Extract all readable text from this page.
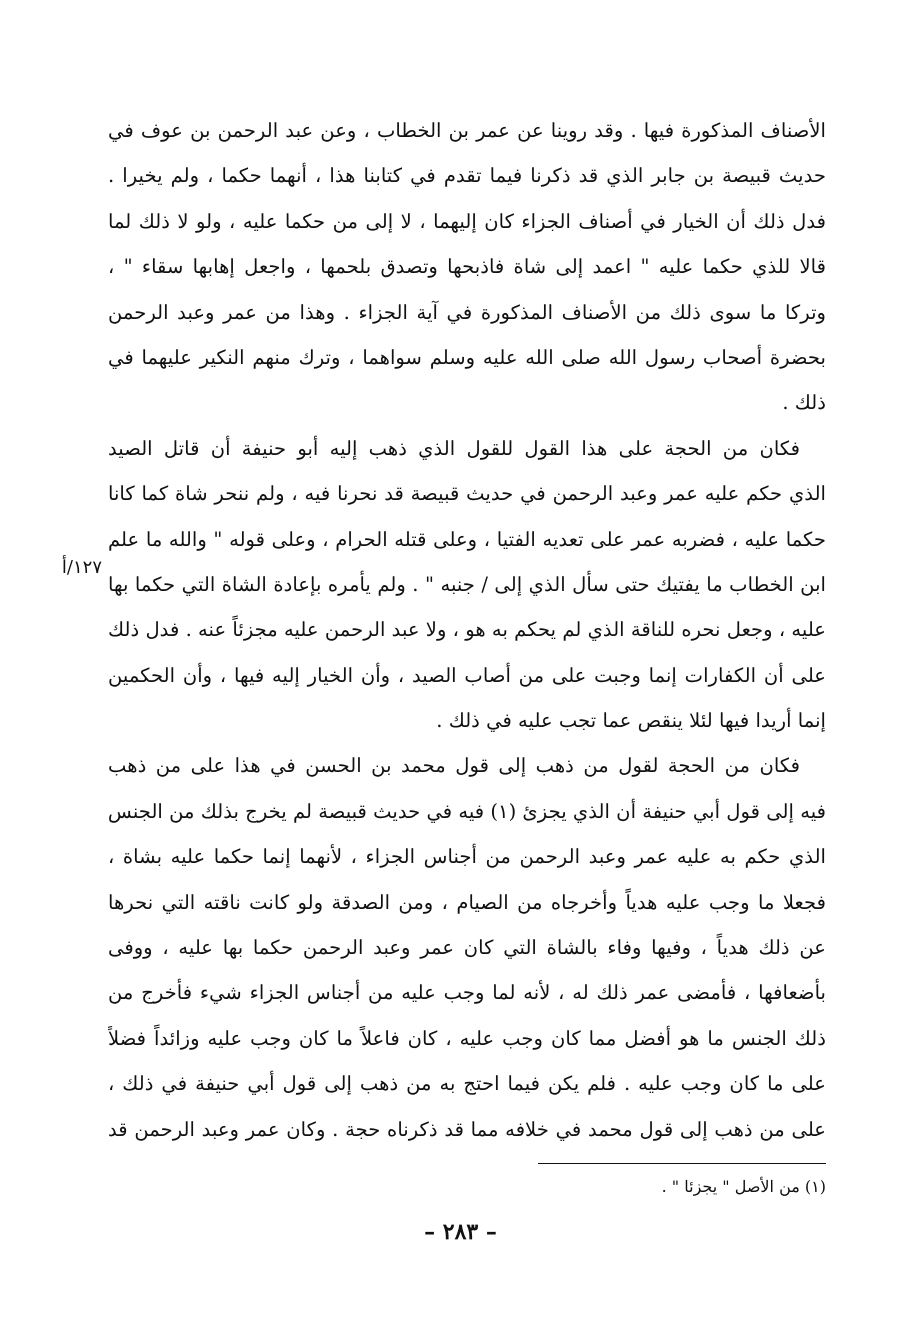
١٢٧/أ
الأصناف المذكورة فيها . وقد روينا عن عمر بن الخطاب ، وعن عبد الرحمن بن عوف في
حديث قبيصة بن جابر الذي قد ذكرنا فيما تقدم في كتابنا هذا ، أنهما حكما ، ولم يخيرا .
فدل ذلك أن الخيار في أصناف الجزاء كان إليهما ، لا إلى من حكما عليه ، ولو لا ذلك لما
قالا للذي حكما عليه " اعمد إلى شاة فاذبحها وتصدق بلحمها ، واجعل إهابها سقاء " ،
وتركا ما سوى ذلك من الأصناف المذكورة في آية الجزاء . وهذا من عمر وعبد الرحمن
بحضرة أصحاب رسول الله صلى الله عليه وسلم سواهما ، وترك منهم النكير عليهما في
ذلك .
فكان من الحجة على هذا القول للقول الذي ذهب إليه أبو حنيفة أن قاتل الصيد
الذي حكم عليه عمر وعبد الرحمن في حديث قبيصة قد نحرنا فيه ، ولم ننحر شاة كما كانا
حكما عليه ، فضربه عمر على تعديه الفتيا ، وعلى قتله الحرام ، وعلى قوله " والله ما علم
ابن الخطاب ما يفتيك حتى سأل الذي إلى / جنبه " . ولم يأمره بإعادة الشاة التي حكما بها
عليه ، وجعل نحره للناقة الذي لم يحكم به هو ، ولا عبد الرحمن عليه مجزئاً عنه . فدل ذلك
على أن الكفارات إنما وجبت على من أصاب الصيد ، وأن الخيار إليه فيها ، وأن الحكمين
إنما أريدا فيها لئلا ينقص عما تجب عليه في ذلك .
فكان من الحجة لقول من ذهب إلى قول محمد بن الحسن في هذا على من ذهب
فيه إلى قول أبي حنيفة أن الذي يجزئ (١) فيه في حديث قبيصة لم يخرج بذلك من الجنس
الذي حكم به عليه عمر وعبد الرحمن من أجناس الجزاء ، لأنهما إنما حكما عليه بشاة ،
فجعلا ما وجب عليه هدياً وأخرجاه من الصيام ، ومن الصدقة ولو كانت ناقته التي نحرها
عن ذلك هدياً ، وفيها وفاء بالشاة التي كان عمر وعبد الرحمن حكما بها عليه ، ووفى
بأضعافها ، فأمضى عمر ذلك له ، لأنه لما وجب عليه من أجناس الجزاء شيء فأخرج من
ذلك الجنس ما هو أفضل مما كان وجب عليه ، كان فاعلاً ما كان وجب عليه وزائداً فضلاً
على ما كان وجب عليه . فلم يكن فيما احتج به من ذهب إلى قول أبي حنيفة في ذلك ،
على من ذهب إلى قول محمد في خلافه مما قد ذكرناه حجة . وكان عمر وعبد الرحمن قد
(١) من الأصل " يجزئا " .
– ٢٨٣ –
